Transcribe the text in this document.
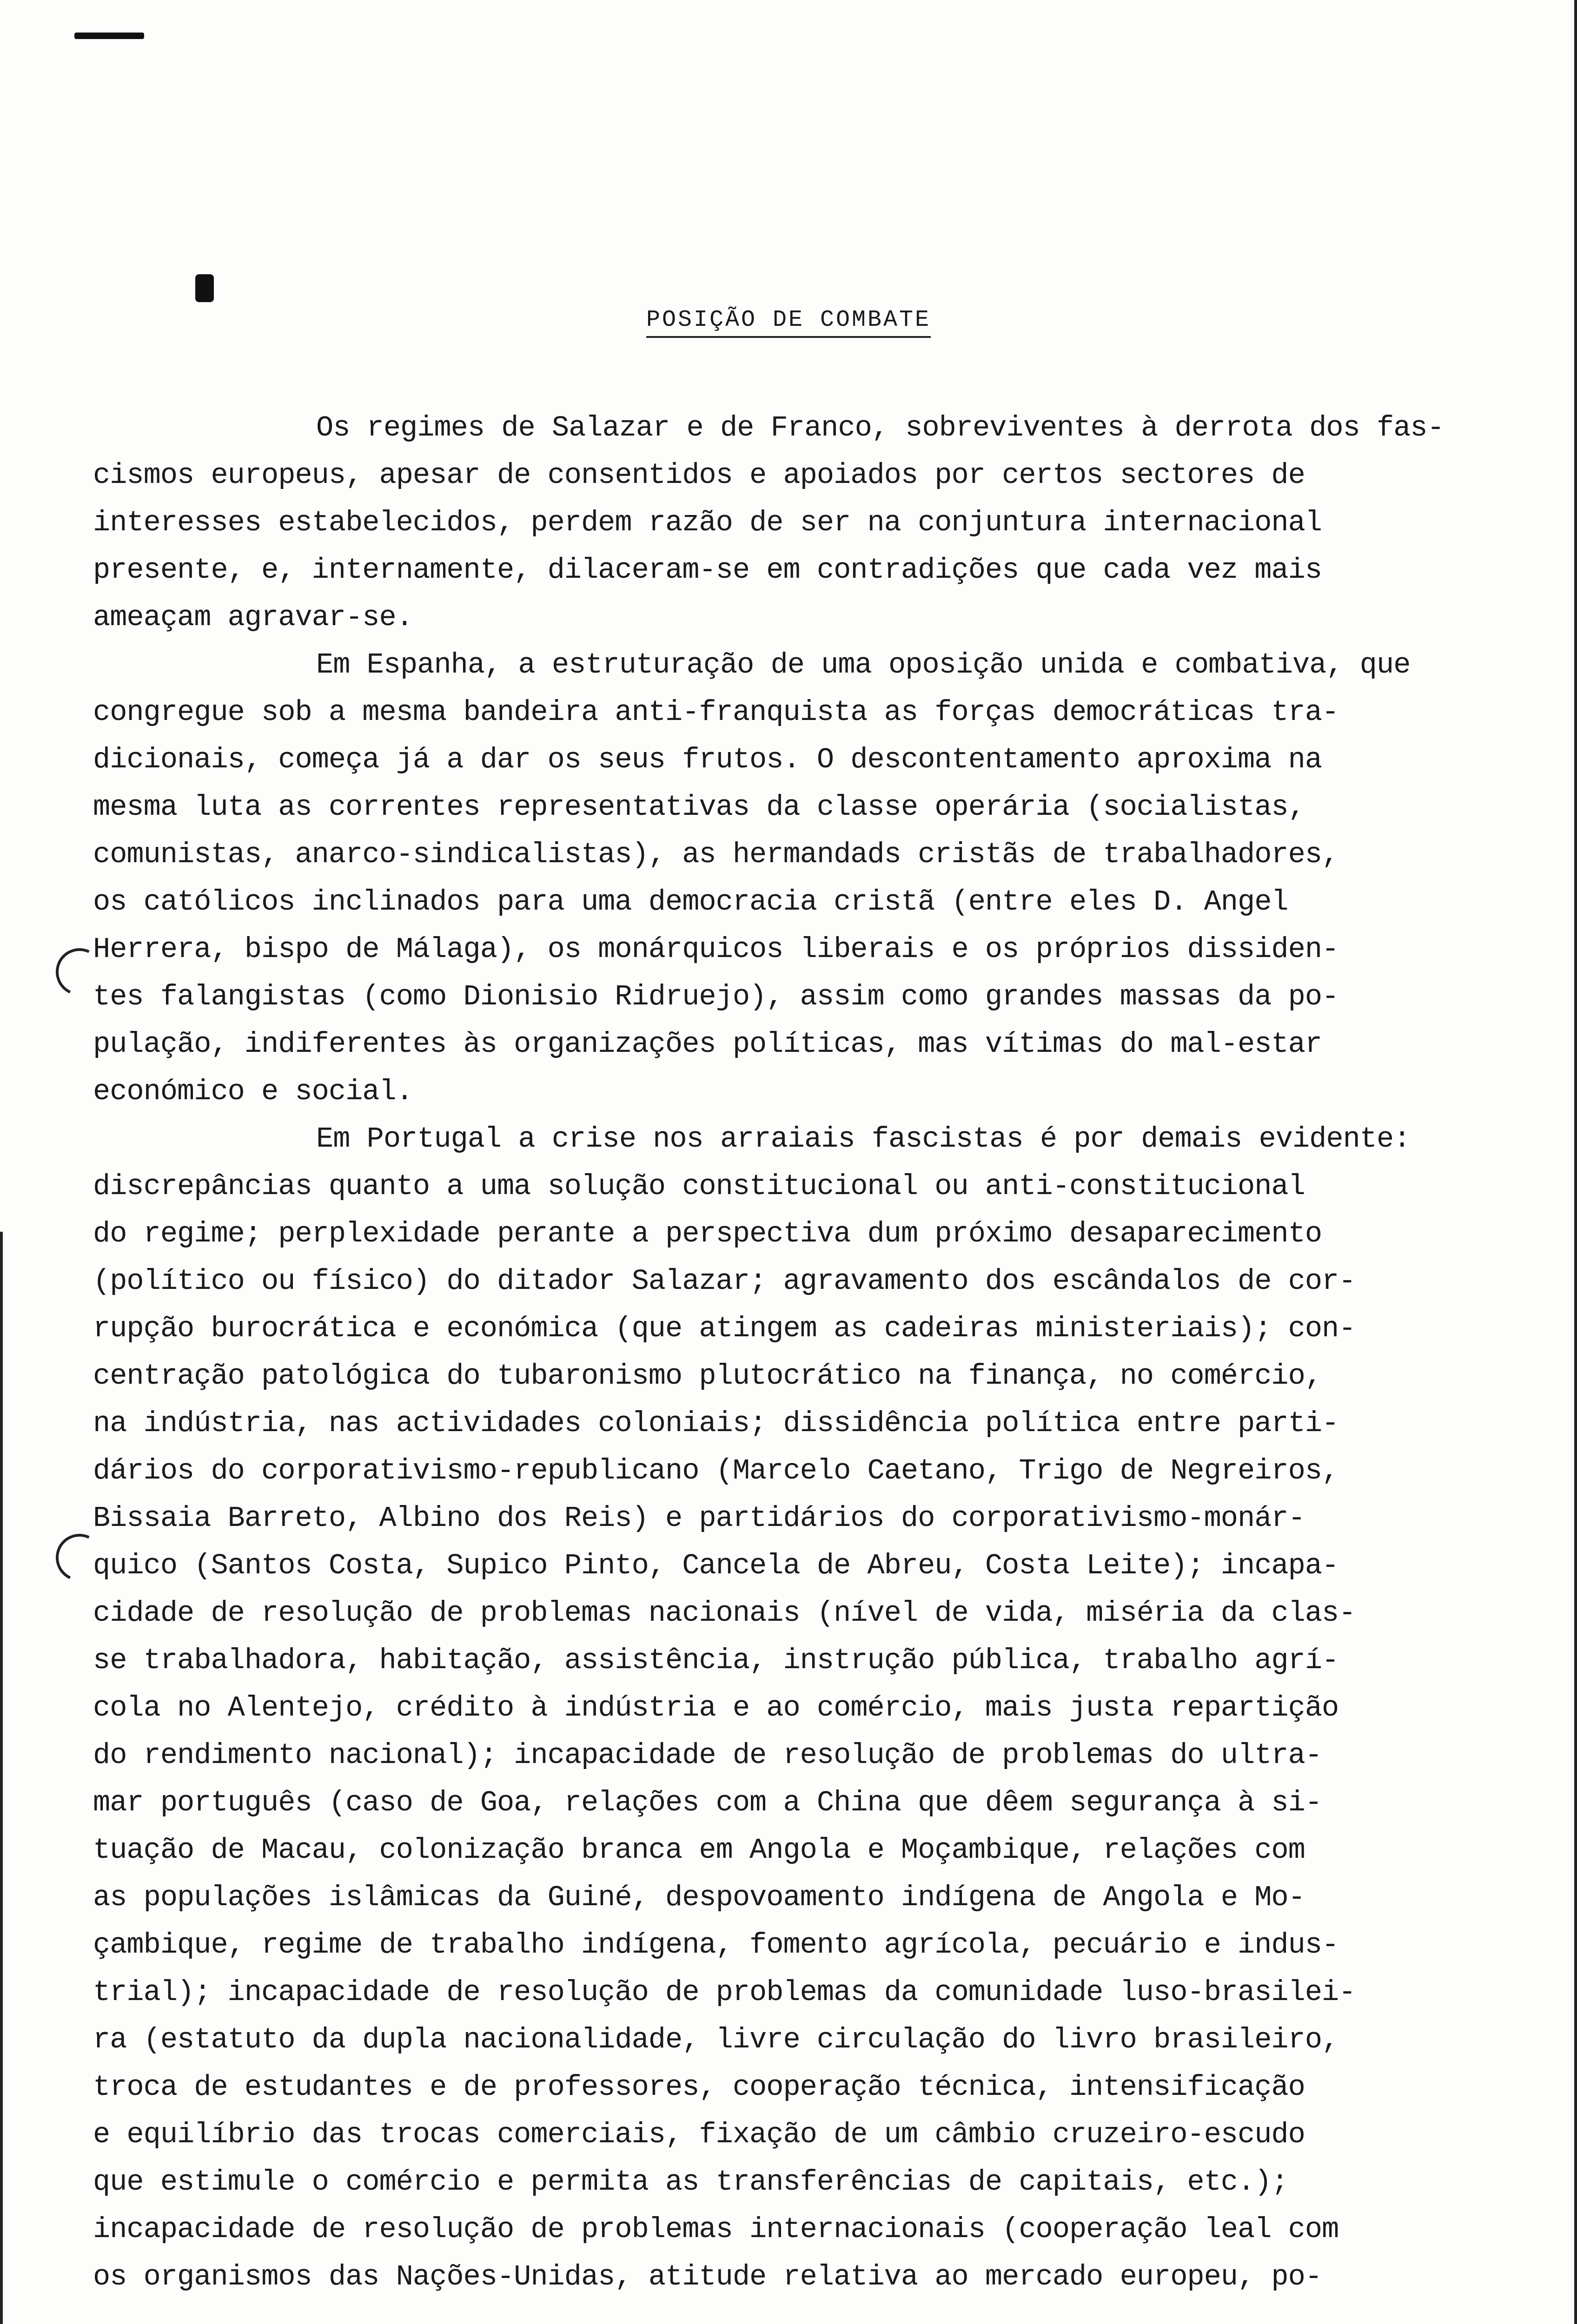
POSIÇÃO DE COMBATE

Os regimes de Salazar e de Franco, sobreviventes à derrota dos fas-
cismos europeus, apesar de consentidos e apoiados por certos sectores de
interesses estabelecidos, perdem razão de ser na conjuntura internacional
presente, e, internamente, dilaceram-se em contradições que cada vez mais
ameaçam agravar-se.

Em Espanha, a estruturação de uma oposição unida e combativa, que
congregue sob a mesma bandeira anti-franquista as forças democráticas tra-
dicionais, começa já a dar os seus frutos. O descontentamento aproxima na
mesma luta as correntes representativas da classe operária (socialistas,
comunistas, anarco-sindicalistas), as hermandads cristãs de trabalhadores,
os católicos inclinados para uma democracia cristã (entre eles D. Angel
Herrera, bispo de Málaga), os monárquicos liberais e os próprios dissiden-
tes falangistas (como Dionisio Ridruejo), assim como grandes massas da po-
pulação, indiferentes às organizações políticas, mas vítimas do mal-estar
económico e social.

Em Portugal a crise nos arraiais fascistas é por demais evidente:
discrepâncias quanto a uma solução constitucional ou anti-constitucional
do regime; perplexidade perante a perspectiva dum próximo desaparecimento
(político ou físico) do ditador Salazar; agravamento dos escândalos de cor-
rupção burocrática e económica (que atingem as cadeiras ministeriais); con-
centração patológica do tubaronismo plutocrático na finança, no comércio,
na indústria, nas actividades coloniais; dissidência política entre parti-
dários do corporativismo-republicano (Marcelo Caetano, Trigo de Negreiros,
Bissaia Barreto, Albino dos Reis) e partidários do corporativismo-monár-
quico (Santos Costa, Supico Pinto, Cancela de Abreu, Costa Leite); incapa-
cidade de resolução de problemas nacionais (nível de vida, miséria da clas-
se trabalhadora, habitação, assistência, instrução pública, trabalho agrí-
cola no Alentejo, crédito à indústria e ao comércio, mais justa repartição
do rendimento nacional); incapacidade de resolução de problemas do ultra-
mar português (caso de Goa, relações com a China que dêem segurança à si-
tuação de Macau, colonização branca em Angola e Moçambique, relações com
as populações islâmicas da Guiné, despovoamento indígena de Angola e Mo-
çambique, regime de trabalho indígena, fomento agrícola, pecuário e indus-
trial); incapacidade de resolução de problemas da comunidade luso-brasilei-
ra (estatuto da dupla nacionalidade, livre circulação do livro brasileiro,
troca de estudantes e de professores, cooperação técnica, intensificação
e equilíbrio das trocas comerciais, fixação de um câmbio cruzeiro-escudo
que estimule o comércio e permita as transferências de capitais, etc.);
incapacidade de resolução de problemas internacionais (cooperação leal com
os organismos das Nações-Unidas, atitude relativa ao mercado europeu, po-
